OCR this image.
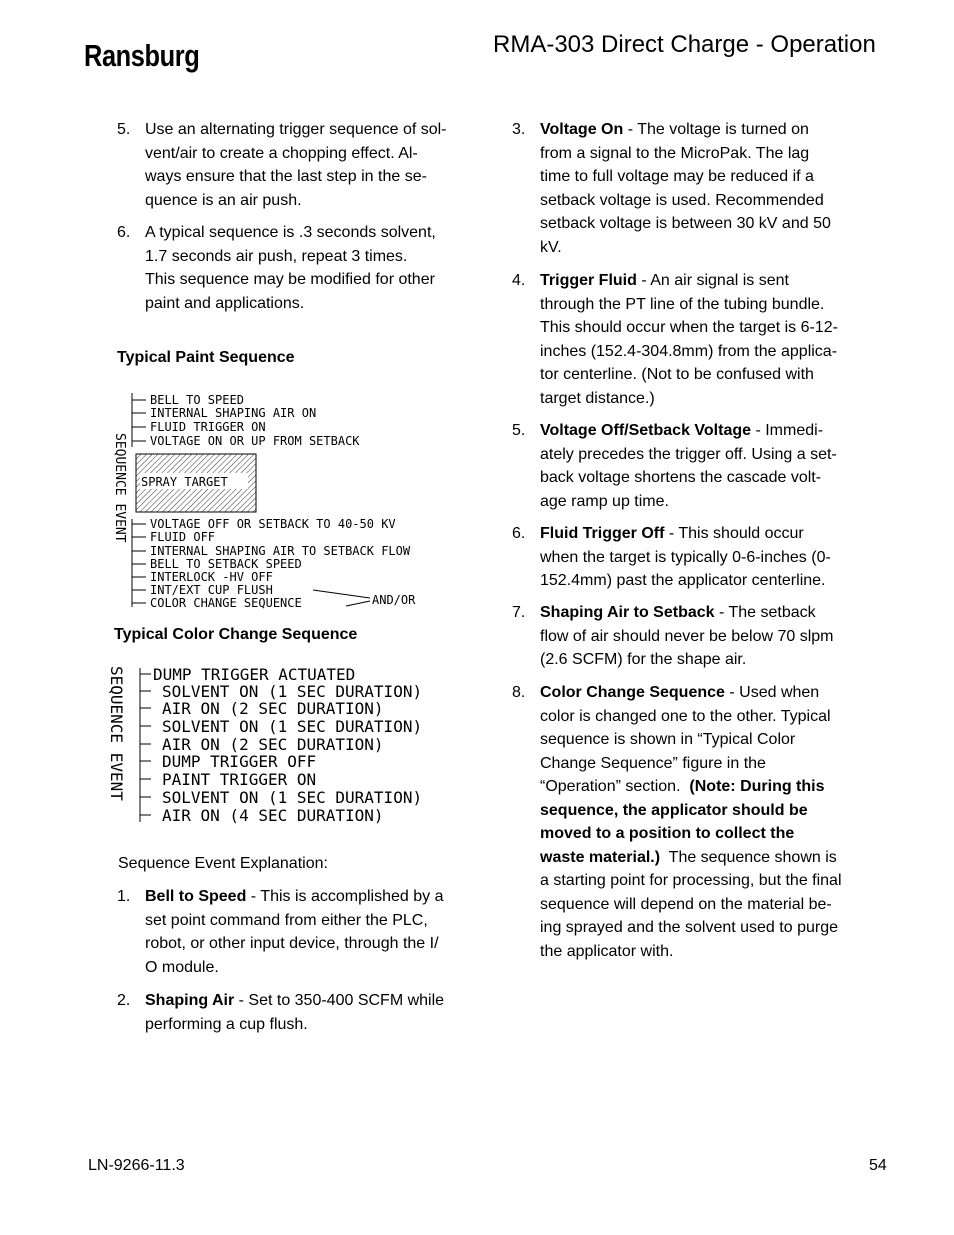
Ransburg	RMA-303 Direct Charge - Operation
5. Use an alternating trigger sequence of sol-
vent/air to create a chopping effect. Al-
ways ensure that the last step in the se-
quence is an air push.
6. A typical sequence is .3 seconds solvent,
1.7 seconds air push, repeat 3 times.
This sequence may be modified for other
paint and applications.
Typical Paint Sequence
SEQUENCE EVENT
BELL TO SPEED
INTERNAL SHAPING AIR ON
FLUID TRIGGER ON
VOLTAGE ON OR UP FROM SETBACK
SPRAY TARGET
VOLTAGE OFF OR SETBACK TO 40-50 KV
FLUID OFF
INTERNAL SHAPING AIR TO SETBACK FLOW
BELL TO SETBACK SPEED
INTERLOCK -HV OFF
INT/EXT CUP FLUSH
COLOR CHANGE SEQUENCE	AND/OR
Typical Color Change Sequence
SEQUENCE EVENT DUMP TRIGGER ACTUATED
SOLVENT ON (1 SEC DURATION)
AIR ON (2 SEC DURATION)
SOLVENT ON (1 SEC DURATION)
AIR ON (2 SEC DURATION)
DUMP TRIGGER OFF
PAINT TRIGGER ON
SOLVENT ON (1 SEC DURATION)
AIR ON (4 SEC DURATION)
Sequence Event Explanation:
1. Bell to Speed - This is accomplished by a
set point command from either the PLC,
robot, or other input device, through the I/
O module.
2. Shaping Air - Set to 350-400 SCFM while
performing a cup flush.
3. Voltage On - The voltage is turned on
from a signal to the MicroPak. The lag
time to full voltage may be reduced if a
setback voltage is used. Recommended
setback voltage is between 30 kV and 50
kV.
4. Trigger Fluid - An air signal is sent
through the PT line of the tubing bundle.
This should occur when the target is 6-12-
inches (152.4-304.8mm) from the applica-
tor centerline. (Not to be confused with
target distance.)
5. Voltage Off/Setback Voltage - Immedi-
ately precedes the trigger off. Using a set-
back voltage shortens the cascade volt-
age ramp up time.
6. Fluid Trigger Off - This should occur
when the target is typically 0-6-inches (0-
152.4mm) past the applicator centerline.
7. Shaping Air to Setback - The setback
flow of air should never be below 70 slpm
(2.6 SCFM) for the shape air.
8. Color Change Sequence - Used when
color is changed one to the other. Typical
sequence is shown in “Typical Color
Change Sequence” figure in the
“Operation” section.  (Note: During this
sequence, the applicator should be
moved to a position to collect the
waste material.)  The sequence shown is
a starting point for processing, but the final
sequence will depend on the material be-
ing sprayed and the solvent used to purge
the applicator with.
LN-9266-11.3	54
